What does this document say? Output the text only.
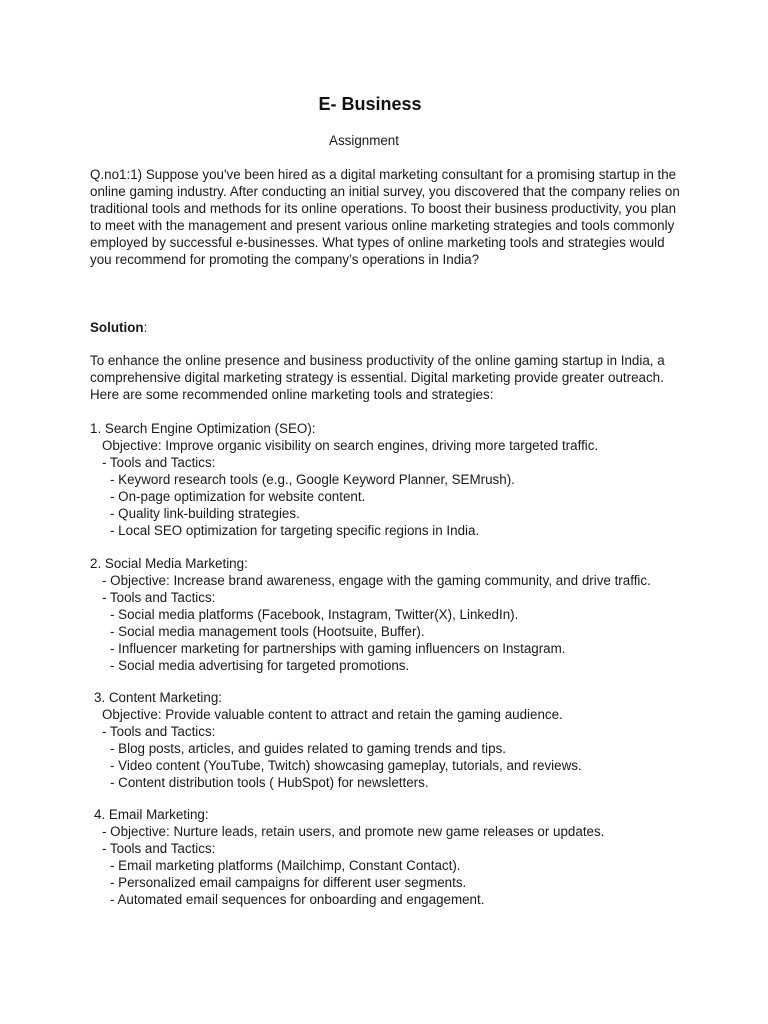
E- Business
Assignment

Q.no1:1) Suppose you've been hired as a digital marketing consultant for a promising startup in the online gaming industry. After conducting an initial survey, you discovered that the company relies on traditional tools and methods for its online operations. To boost their business productivity, you plan to meet with the management and present various online marketing strategies and tools commonly employed by successful e-businesses. What types of online marketing tools and strategies would you recommend for promoting the company’s operations in India?

Solution:

To enhance the online presence and business productivity of the online gaming startup in India, a comprehensive digital marketing strategy is essential. Digital marketing provide greater outreach. Here are some recommended online marketing tools and strategies:

1. Search Engine Optimization (SEO):
Objective: Improve organic visibility on search engines, driving more targeted traffic.
- Tools and Tactics:
- Keyword research tools (e.g., Google Keyword Planner, SEMrush).
- On-page optimization for website content.
- Quality link-building strategies.
- Local SEO optimization for targeting specific regions in India.
2. Social Media Marketing:
- Objective: Increase brand awareness, engage with the gaming community, and drive traffic.
- Tools and Tactics:
- Social media platforms (Facebook, Instagram, Twitter(X), LinkedIn).
- Social media management tools (Hootsuite, Buffer).
- Influencer marketing for partnerships with gaming influencers on Instagram.
- Social media advertising for targeted promotions.
3. Content Marketing:
Objective: Provide valuable content to attract and retain the gaming audience.
- Tools and Tactics:
- Blog posts, articles, and guides related to gaming trends and tips.
- Video content (YouTube, Twitch) showcasing gameplay, tutorials, and reviews.
- Content distribution tools ( HubSpot) for newsletters.
4. Email Marketing:
- Objective: Nurture leads, retain users, and promote new game releases or updates.
- Tools and Tactics:
- Email marketing platforms (Mailchimp, Constant Contact).
- Personalized email campaigns for different user segments.
- Automated email sequences for onboarding and engagement.
